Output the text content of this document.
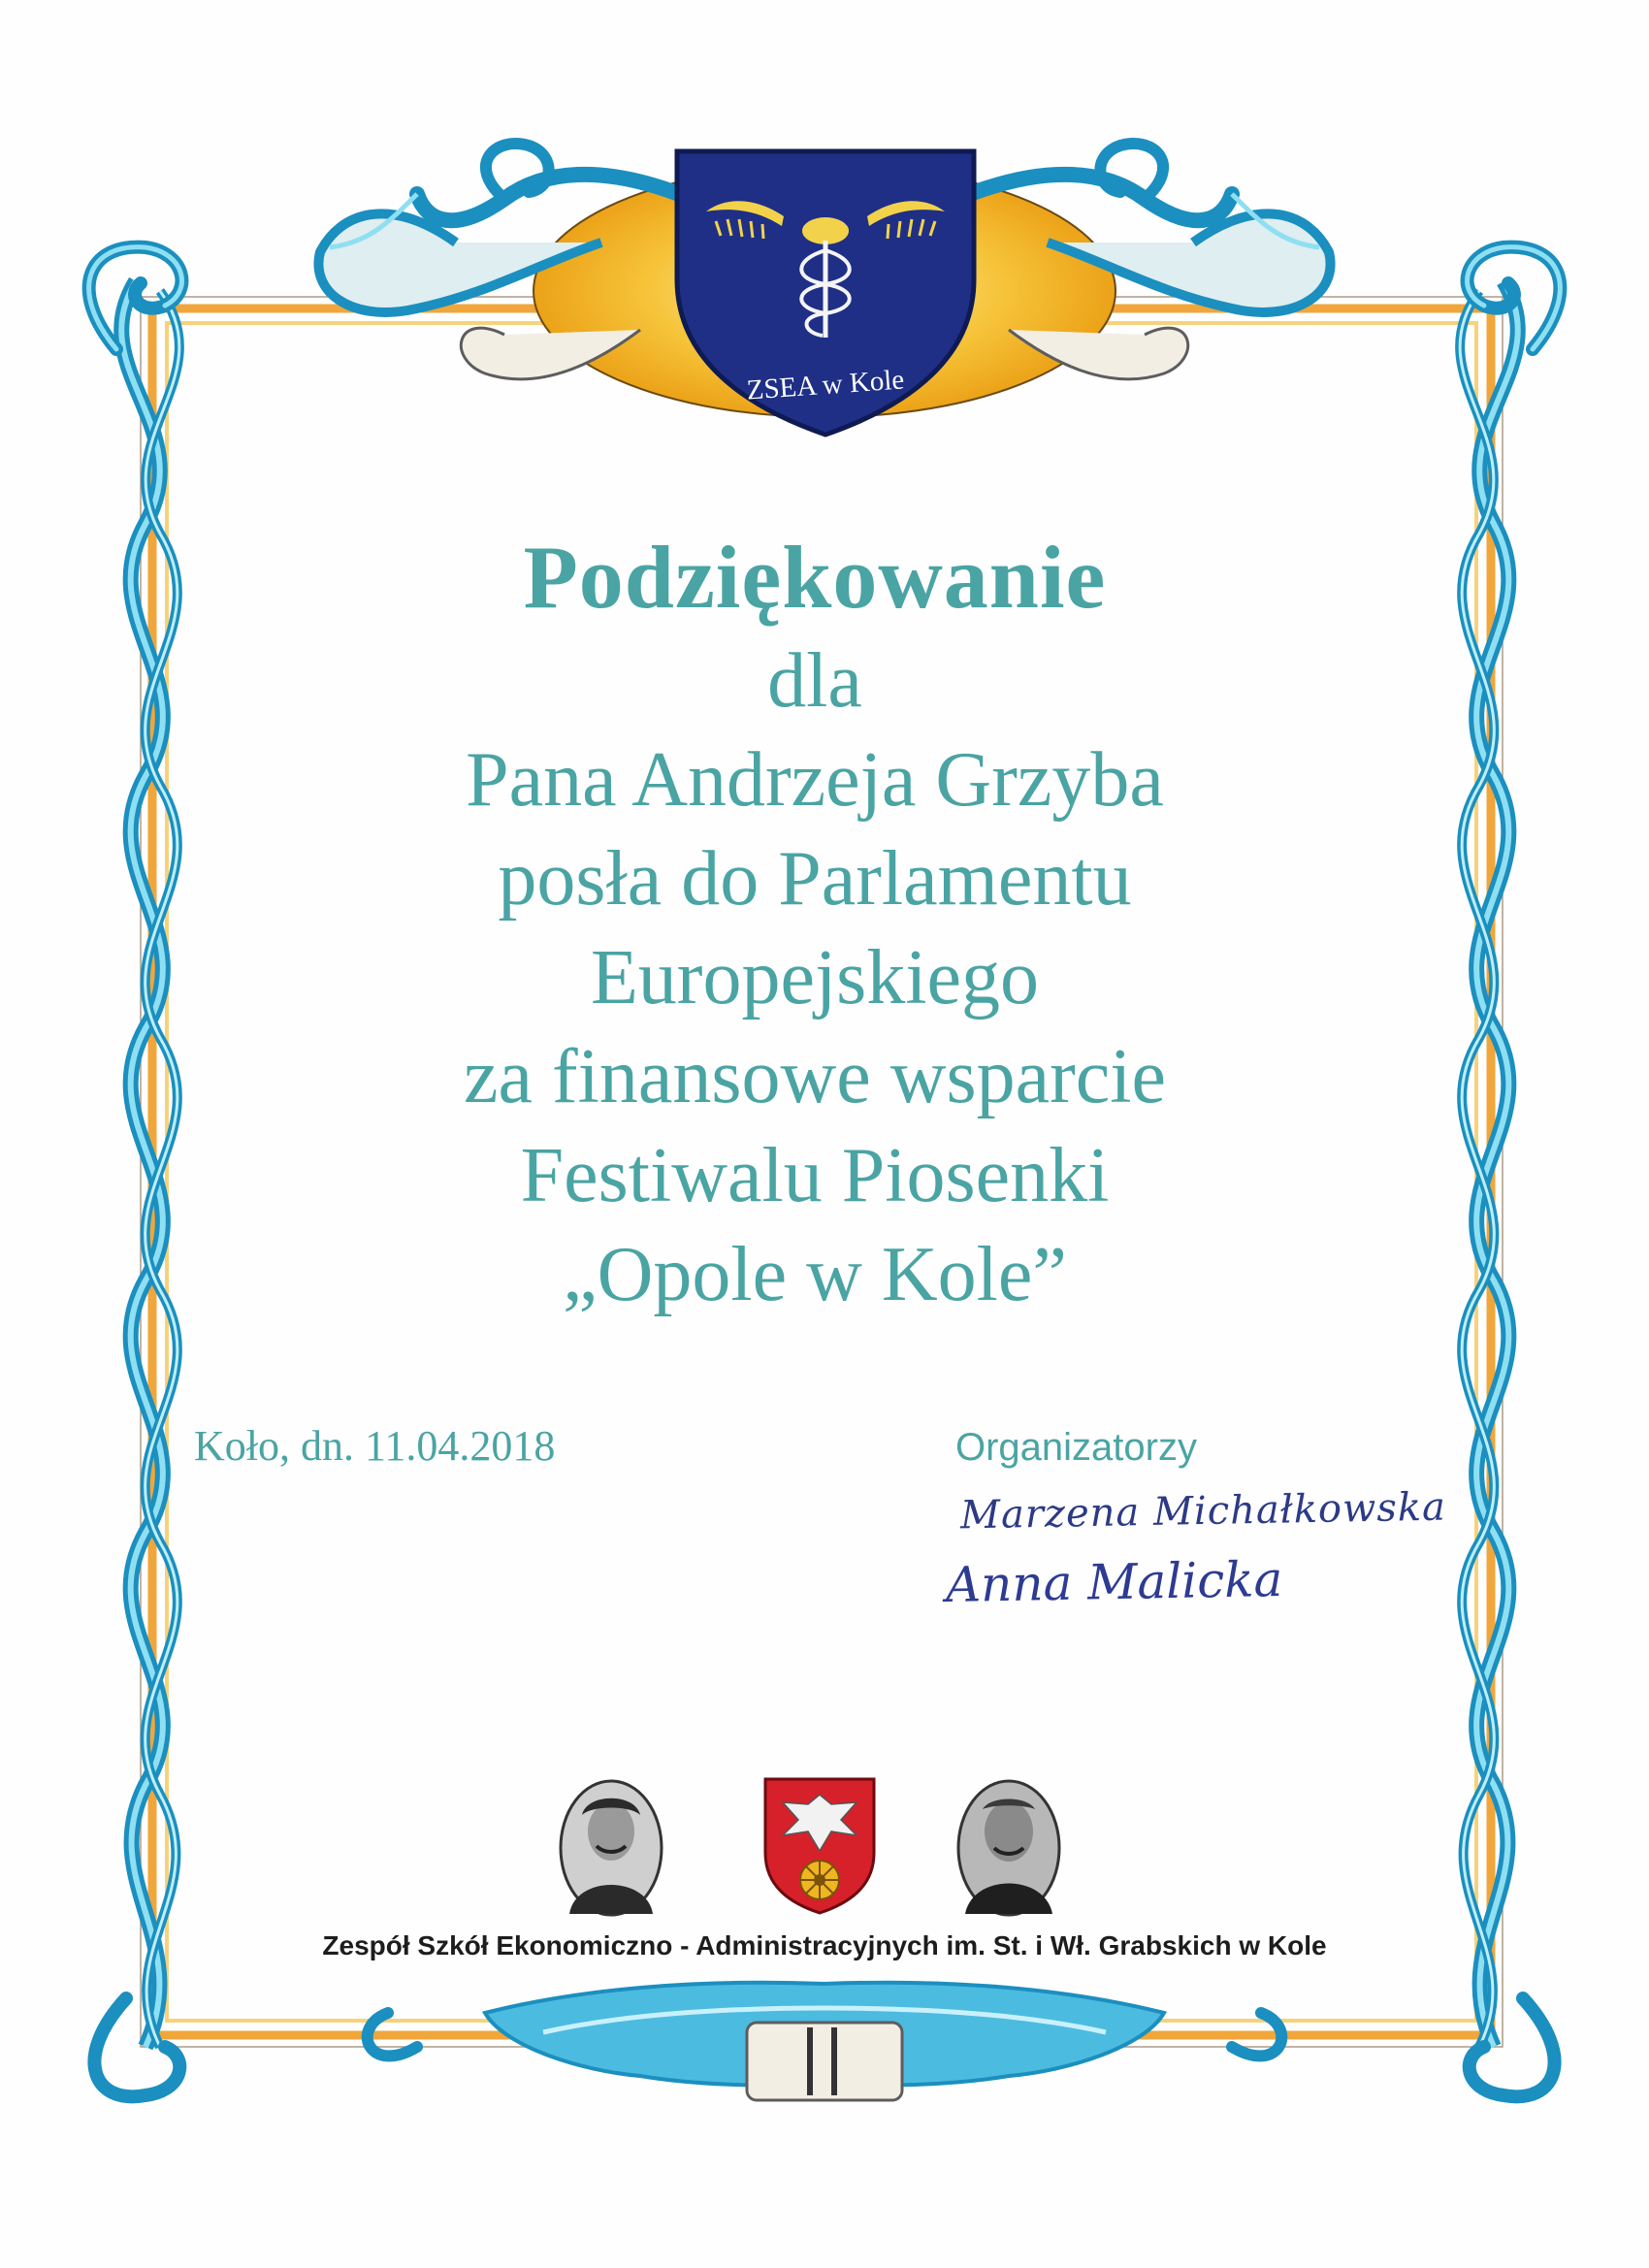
ZSEA w Kole

Podziękowanie

dla

Pana Andrzeja Grzyba

posła do Parlamentu

Europejskiego

za finansowe wsparcie

Festiwalu Piosenki

„Opole w Kole”

Koło, dn. 11.04.2018	Organizatorzy
Marzena Michałkowska
Anna Malicka
Zespół Szkół Ekonomiczno - Administracyjnych im. St. i Wł. Grabskich w Kole
